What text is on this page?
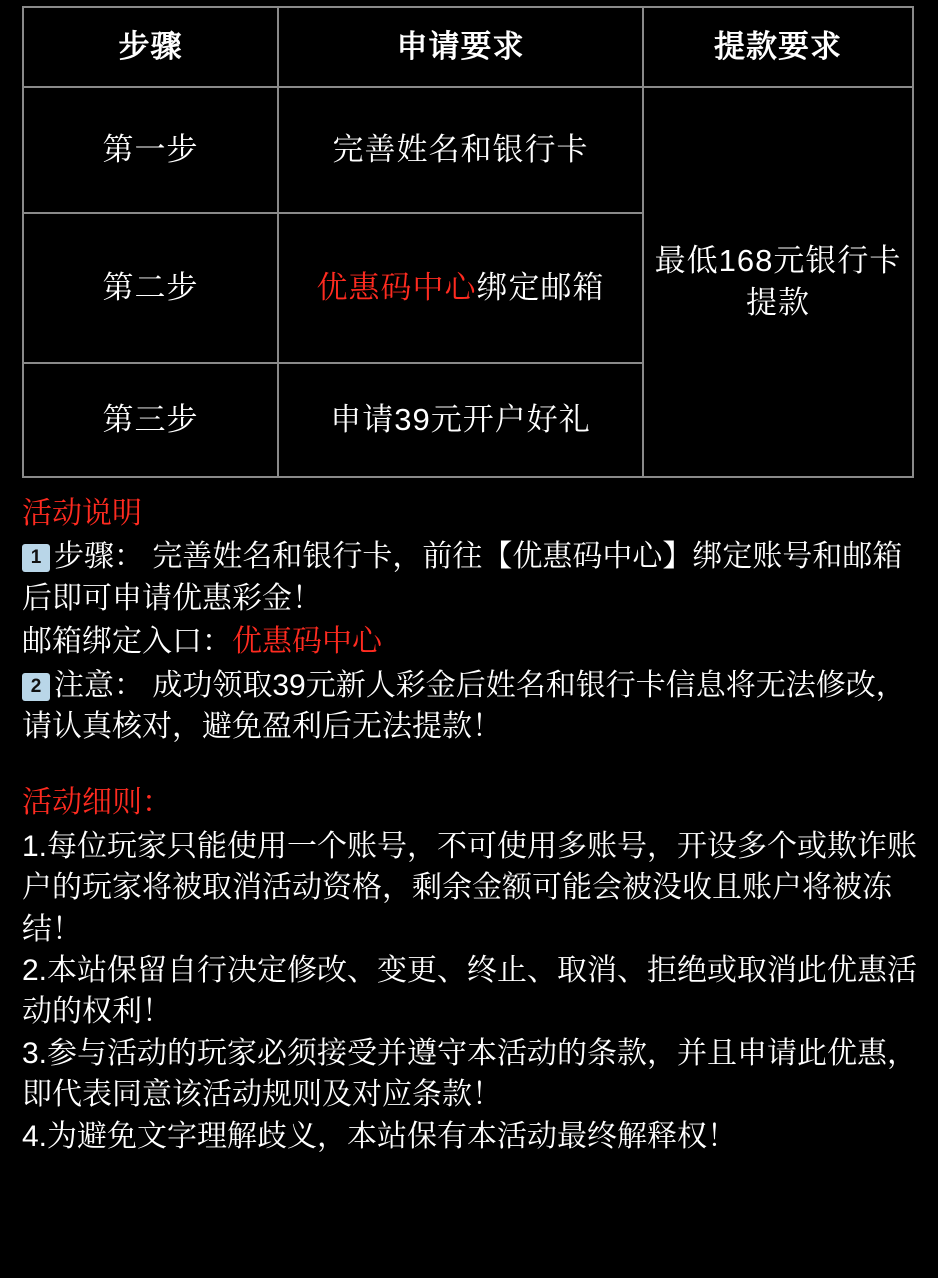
步骤	申请要求	提款要求
第一步	完善姓名和银行卡	最低168元银行卡提款
第二步	优惠码中心绑定邮箱	
第三步	申请39元开户好礼	
活动说明

1 步骤： 完善姓名和银行卡，前往【优惠码中心】绑定账号和邮箱后即可申请优惠彩金！

邮箱绑定入口：优惠码中心

2 注意： 成功领取39元新人彩金后姓名和银行卡信息将无法修改，请认真核对，避免盈利后无法提款！

活动细则：

1.每位玩家只能使用一个账号，不可使用多账号，开设多个或欺诈账户的玩家将被取消活动资格，剩余金额可能会被没收且账户将被冻结！

2.本站保留自行决定修改、变更、终止、取消、拒绝或取消此优惠活动的权利！

3.参与活动的玩家必须接受并遵守本活动的条款，并且申请此优惠，即代表同意该活动规则及对应条款！

4.为避免文字理解歧义，本站保有本活动最终解释权！
